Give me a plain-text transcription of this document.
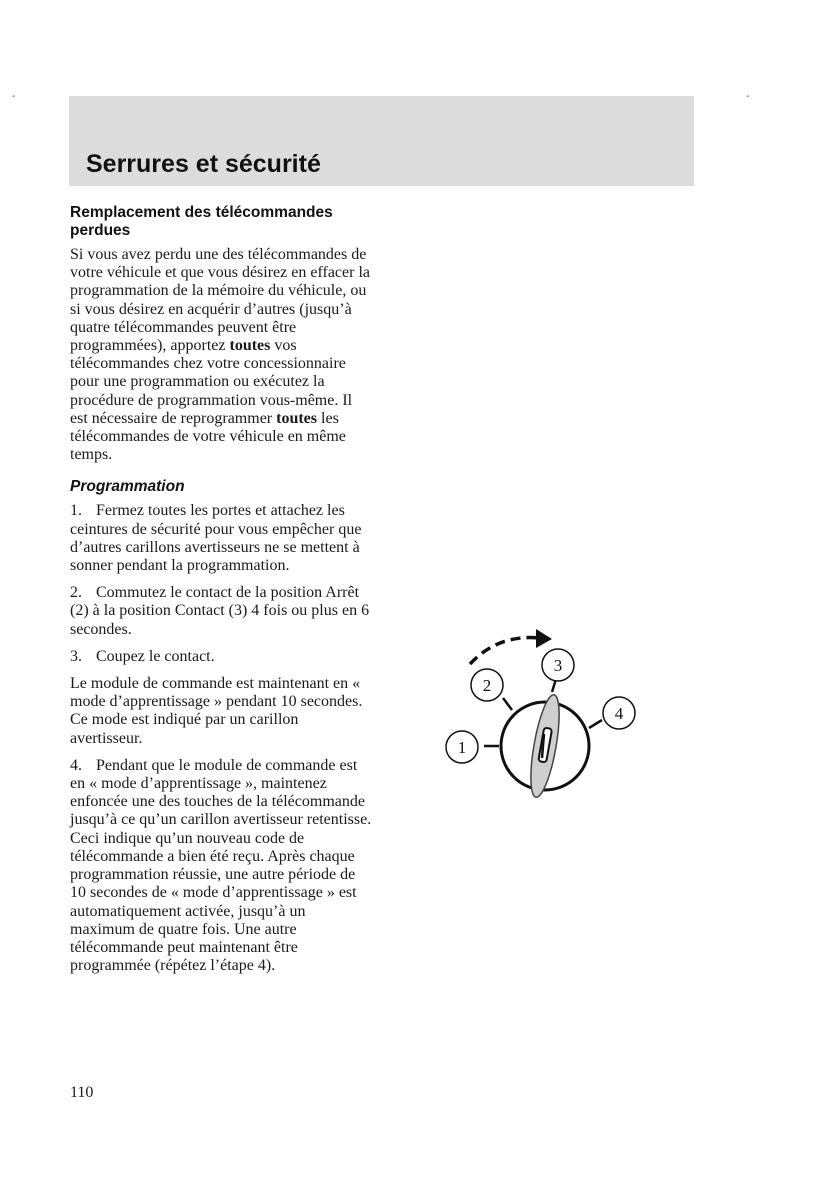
-	-
Serrures et sécurité
Remplacement des télécommandes perdues

Si vous avez perdu une des télécommandes de votre véhicule et que vous désirez en effacer la programmation de la mémoire du véhicule, ou si vous désirez en acquérir d’autres (jusqu’à quatre télécommandes peuvent être programmées), apportez toutes vos télécommandes chez votre concessionnaire pour une programmation ou exécutez la procédure de programmation vous-même. Il est nécessaire de reprogrammer toutes les télécommandes de votre véhicule en même temps.

Programmation

1. Fermez toutes les portes et attachez les ceintures de sécurité pour vous empêcher que d’autres carillons avertisseurs ne se mettent à sonner pendant la programmation.

2. Commutez le contact de la position Arrêt (2) à la position Contact (3) 4 fois ou plus en 6 secondes.

3. Coupez le contact.

Le module de commande est maintenant en « mode d’apprentissage » pendant 10 secondes. Ce mode est indiqué par un carillon avertisseur.

4. Pendant que le module de commande est en « mode d’apprentissage », maintenez enfoncée une des touches de la télécommande jusqu’à ce qu’un carillon avertisseur retentisse. Ceci indique qu’un nouveau code de télécommande a bien été reçu. Après chaque programmation réussie, une autre période de 10 secondes de « mode d’apprentissage » est automatiquement activée, jusqu’à un maximum de quatre fois. Une autre télécommande peut maintenant être programmée (répétez l’étape 4).

1
2
3
4
110
